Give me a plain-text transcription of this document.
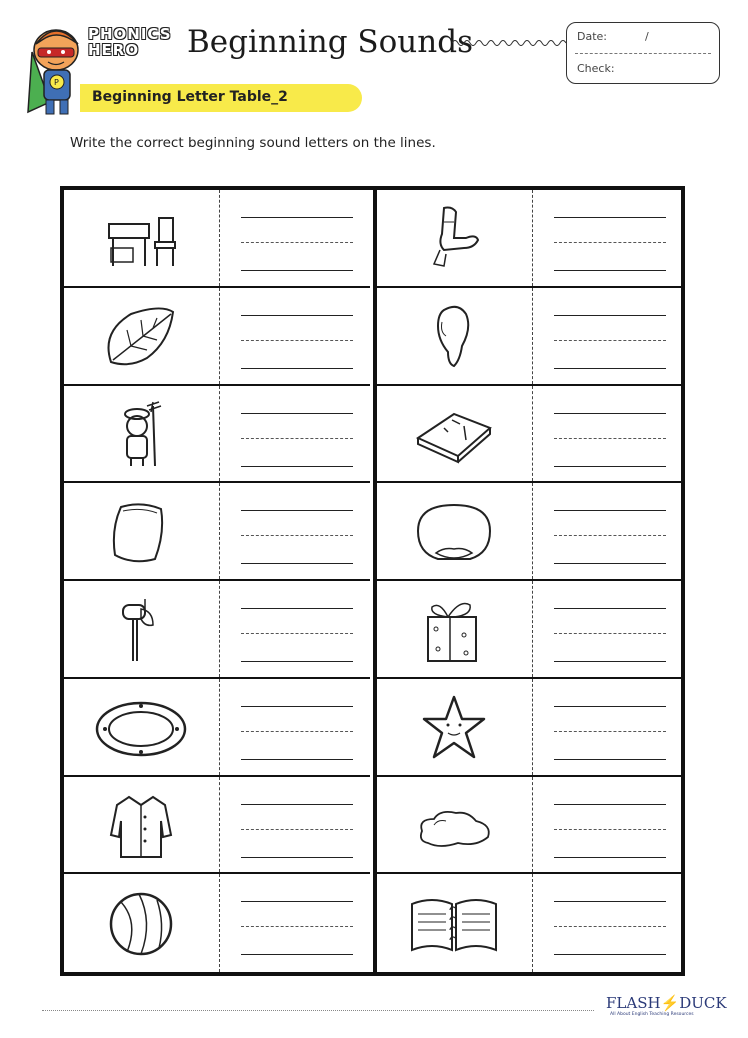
P
PHONICS
HERO	Beginning Sounds	Date:	/
Check:
Beginning Letter Table_2
Write the correct beginning sound letters on the lines.
FLASH⚡DUCK
All About English Teaching Resources
